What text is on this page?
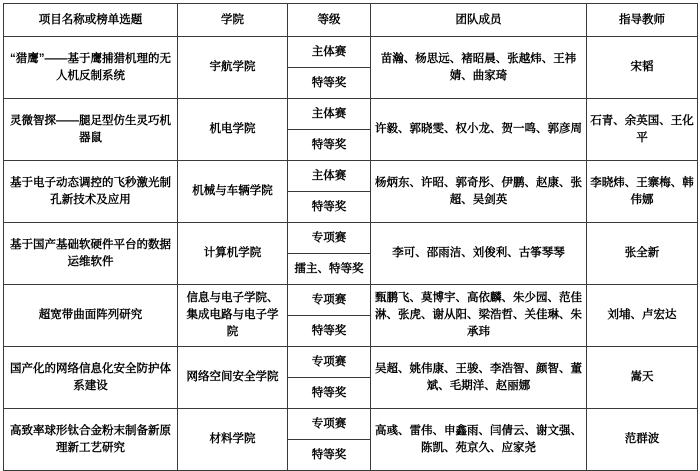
项目名称或榜单选题	学院	等级	团队成员	指导教师
“猎鹰”——基于鹰捕猎机理的无人机反制系统	宇航学院	主体赛	苗瀚、杨思远、褚昭晨、张越炜、王祎婧、曲家琦	宋韬
		特等奖		
灵微智探——腿足型仿生灵巧机器鼠	机电学院	主体赛	许毅、郭晓雯、权小龙、贺一鸣、郭彦周	石青、余英国、王化平
		特等奖		
基于电子动态调控的飞秒激光制孔新技术及应用	机械与车辆学院	主体赛	杨炳东、许昭、郭奇彤、伊鹏、赵康、张超、吴剑英	李晓炜、王寨梅、韩伟娜
		特等奖		
基于国产基础软硬件平台的数据运维软件	计算机学院	专项赛	李可、邵雨洁、刘俊利、古筝琴琴	张全新
		擂主、特等奖		
超宽带曲面阵列研究	信息与电子学院、集成电路与电子学院	专项赛	甄鹏飞、莫博宇、高依麟、朱少园、范佳淋、张虎、谢从阳、梁浩哲、关佳琳、朱承玮	刘埔、卢宏达
		特等奖		
国产化的网络信息化安全防护体系建设	网络空间安全学院	专项赛	吴超、姚伟康、王骏、李浩智、颜智、董斌、毛期洋、赵丽娜	嵩天
		特等奖		
高致率球形钛合金粉末制备新原理新工艺研究	材料学院	专项赛	高彧、雷伟、申鑫雨、闫倩云、谢文强、陈凯、苑京久、应家尧	范群波
		特等奖		
